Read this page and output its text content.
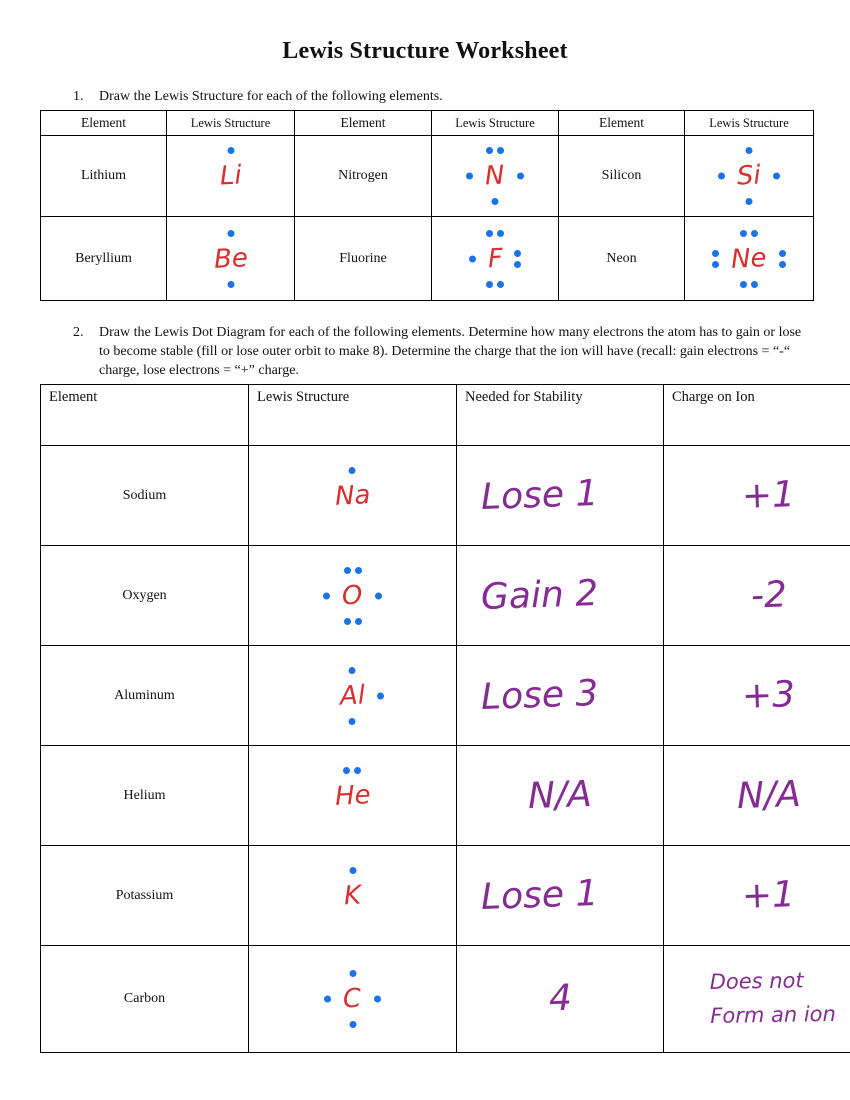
Lewis Structure Worksheet
1.	Draw the Lewis Structure for each of the following elements.
Element	Lewis Structure	Element	Lewis Structure	Element	Lewis Structure
Lithium	Li	Nitrogen	N	Silicon	Si

Beryllium	Be	Fluorine	F	Neon	Ne
2.	Draw the Lewis Dot Diagram for each of the following elements. Determine how many electrons the atom has to gain or lose to become stable (fill or lose outer orbit to make 8). Determine the charge that the ion will have (recall: gain electrons = “-“ charge, lose electrons = “+” charge.
Element	Lewis Structure	Needed for Stability	Charge on Ion
Sodium	Na	Lose 1	+1
Oxygen	O	Gain 2	-2
Aluminum	Al	Lose 3	+3
Helium	He	N/A	N/A
Potassium	K	Lose 1	+1
Carbon	C	4	Does not
Form an ion
